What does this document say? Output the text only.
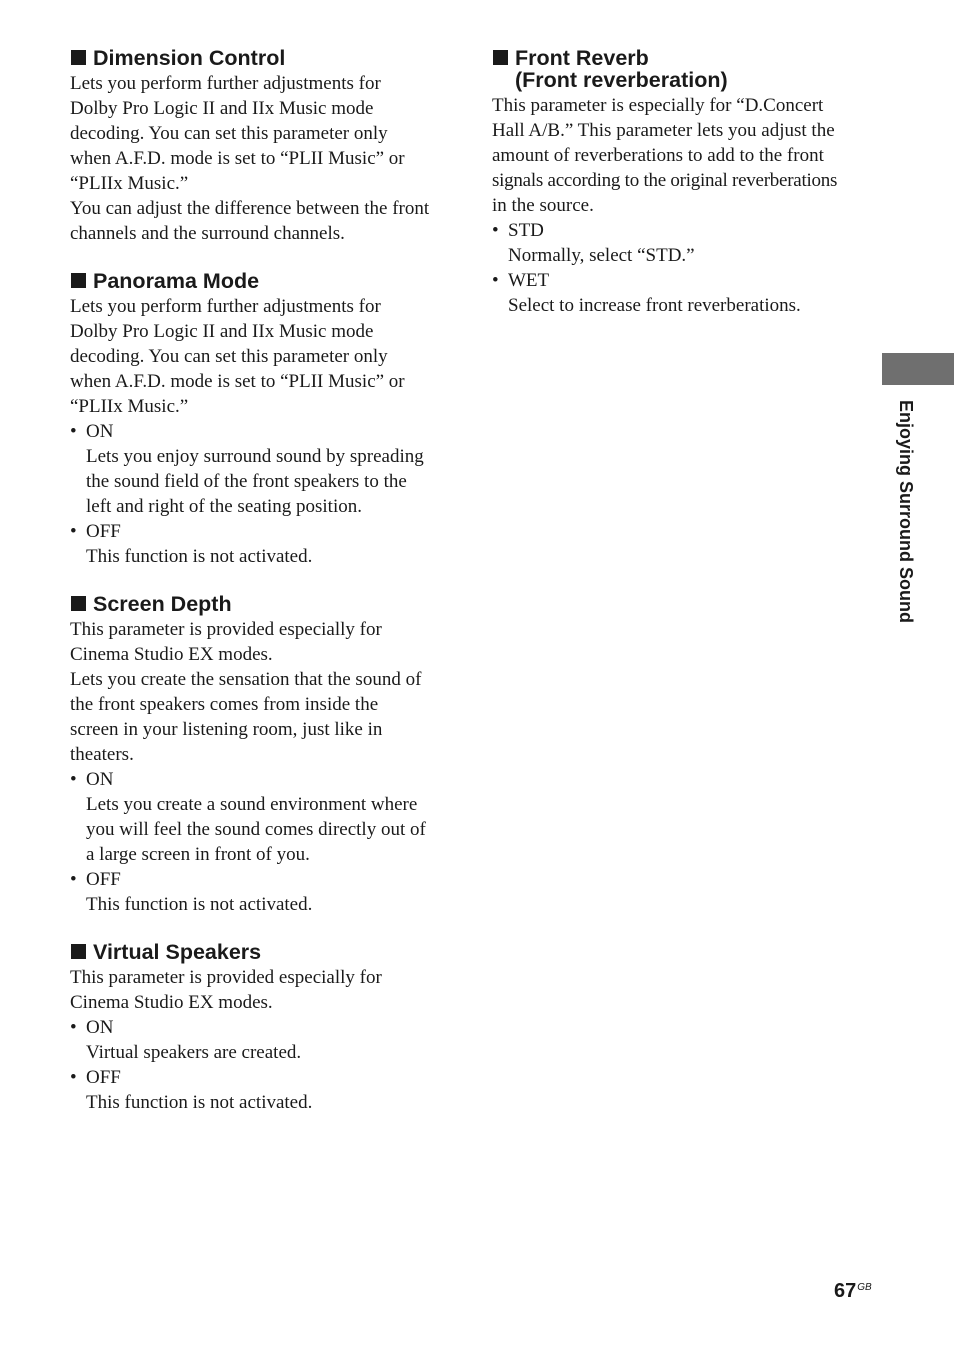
Dimension Control
Lets you perform further adjustments for
Dolby Pro Logic II and IIx Music mode
decoding. You can set this parameter only
when A.F.D. mode is set to “PLII Music” or
“PLIIx Music.”
You can adjust the difference between the front
channels and the surround channels.
Panorama Mode
Lets you perform further adjustments for
Dolby Pro Logic II and IIx Music mode
decoding. You can set this parameter only
when A.F.D. mode is set to “PLII Music” or
“PLIIx Music.”
• ON
Lets you enjoy surround sound by spreading
the sound field of the front speakers to the
left and right of the seating position.
• OFF
This function is not activated.
Screen Depth
This parameter is provided especially for
Cinema Studio EX modes.
Lets you create the sensation that the sound of
the front speakers comes from inside the
screen in your listening room, just like in
theaters.
• ON
Lets you create a sound environment where
you will feel the sound comes directly out of
a large screen in front of you.
• OFF
This function is not activated.
Virtual Speakers
This parameter is provided especially for
Cinema Studio EX modes.
• ON
Virtual speakers are created.
• OFF
This function is not activated.
Front Reverb
(Front reverberation)
This parameter is especially for “D.Concert
Hall A/B.” This parameter lets you adjust the
amount of reverberations to add to the front
signals according to the original reverberations
in the source.
• STD
Normally, select “STD.”
• WET
Select to increase front reverberations.
Enjoying Surround Sound
$67^{GB}$
